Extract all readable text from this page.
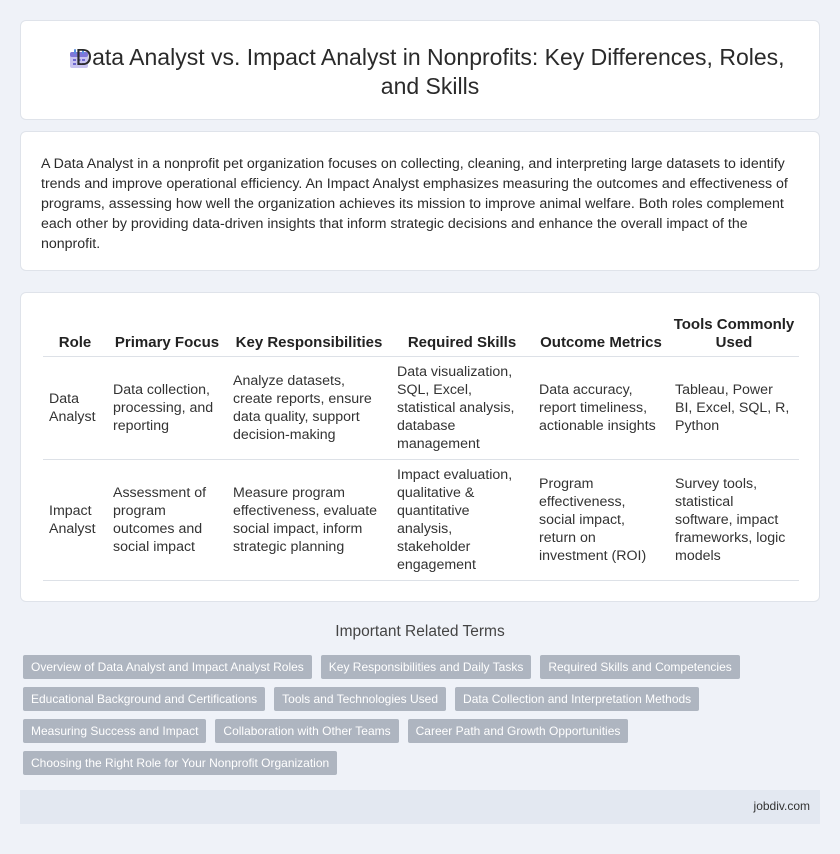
Data Analyst vs. Impact Analyst in Nonprofits: Key Differences, Roles, and Skills

A Data Analyst in a nonprofit pet organization focuses on collecting, cleaning, and interpreting large datasets to identify trends and improve operational efficiency. An Impact Analyst emphasizes measuring the outcomes and effectiveness of programs, assessing how well the organization achieves its mission to improve animal welfare. Both roles complement each other by providing data-driven insights that inform strategic decisions and enhance the overall impact of the nonprofit.

Role	Primary Focus	Key Responsibilities	Required Skills	Outcome Metrics	Tools Commonly Used
Data Analyst	Data collection, processing, and reporting	Analyze datasets, create reports, ensure data quality, support decision-making	Data visualization, SQL, Excel, statistical analysis, database management	Data accuracy, report timeliness, actionable insights	Tableau, Power BI, Excel, SQL, R, Python
Impact Analyst	Assessment of program outcomes and social impact	Measure program effectiveness, evaluate social impact, inform strategic planning	Impact evaluation, qualitative & quantitative analysis, stakeholder engagement	Program effectiveness, social impact, return on investment (ROI)	Survey tools, statistical software, impact frameworks, logic models
Important Related Terms
Overview of Data Analyst and Impact Analyst Roles	Key Responsibilities and Daily Tasks	Required Skills and Competencies
Educational Background and Certifications	Tools and Technologies Used	Data Collection and Interpretation Methods
Measuring Success and Impact	Collaboration with Other Teams	Career Path and Growth Opportunities
Choosing the Right Role for Your Nonprofit Organization
jobdiv.com
